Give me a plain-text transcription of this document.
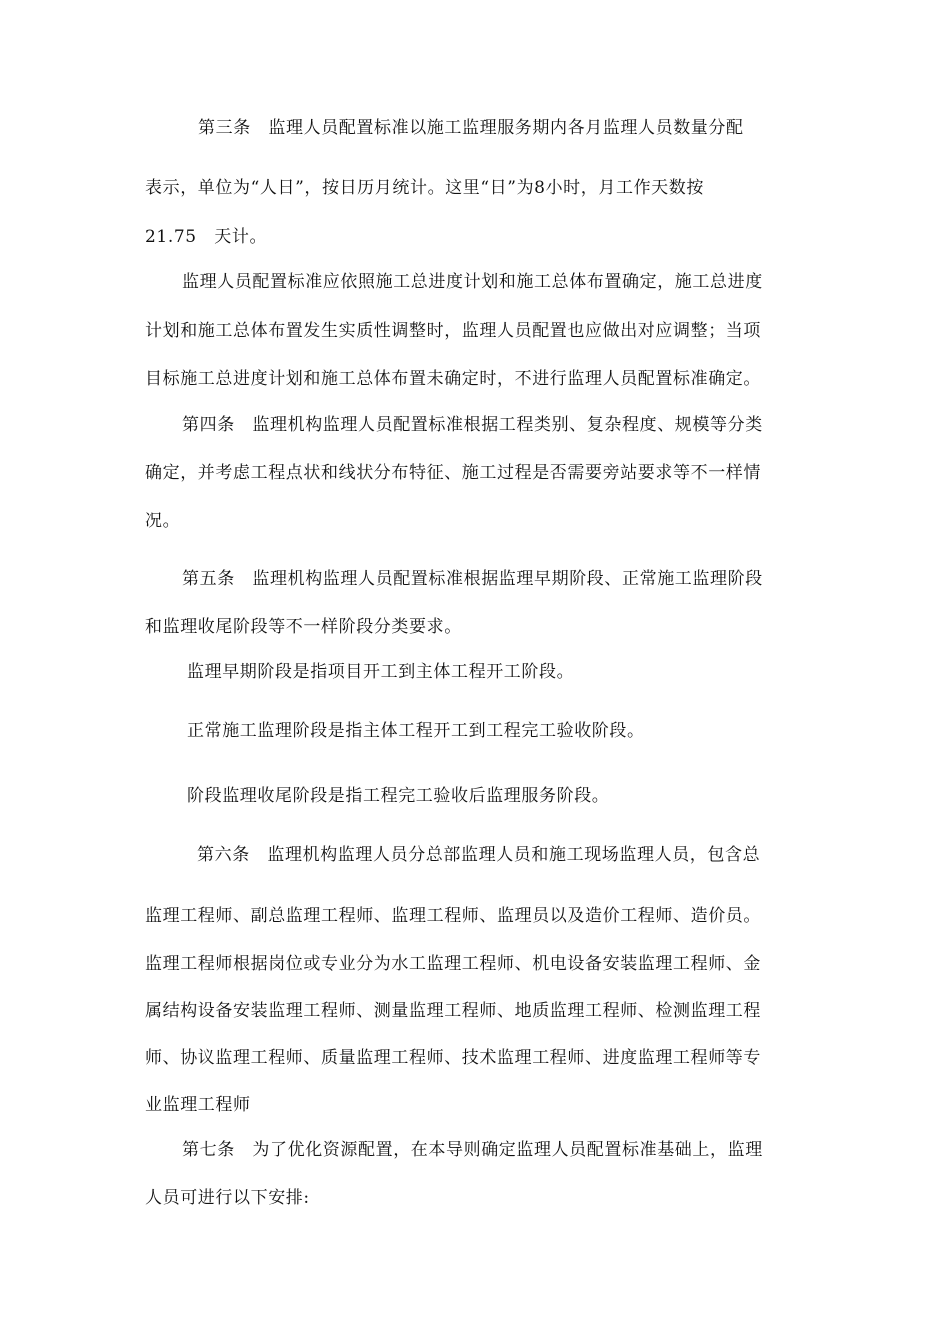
第三条　监理人员配置标准以施工监理服务期内各月监理人员数量分配
表示，单位为“人日”，按日历月统计。这里“日”为8小时，月工作天数按
21.75　天计。
监理人员配置标准应依照施工总进度计划和施工总体布置确定，施工总进度
计划和施工总体布置发生实质性调整时，监理人员配置也应做出对应调整；当项
目标施工总进度计划和施工总体布置未确定时，不进行监理人员配置标准确定。
第四条　监理机构监理人员配置标准根据工程类别、复杂程度、规模等分类
确定，并考虑工程点状和线状分布特征、施工过程是否需要旁站要求等不一样情
况。
第五条　监理机构监理人员配置标准根据监理早期阶段、正常施工监理阶段
和监理收尾阶段等不一样阶段分类要求。
监理早期阶段是指项目开工到主体工程开工阶段。
正常施工监理阶段是指主体工程开工到工程完工验收阶段。
阶段监理收尾阶段是指工程完工验收后监理服务阶段。
第六条　监理机构监理人员分总部监理人员和施工现场监理人员，包含总
监理工程师、副总监理工程师、监理工程师、监理员以及造价工程师、造价员。
监理工程师根据岗位或专业分为水工监理工程师、机电设备安装监理工程师、金
属结构设备安装监理工程师、测量监理工程师、地质监理工程师、检测监理工程
师、协议监理工程师、质量监理工程师、技术监理工程师、进度监理工程师等专
业监理工程师
第七条　为了优化资源配置，在本导则确定监理人员配置标准基础上，监理
人员可进行以下安排:
